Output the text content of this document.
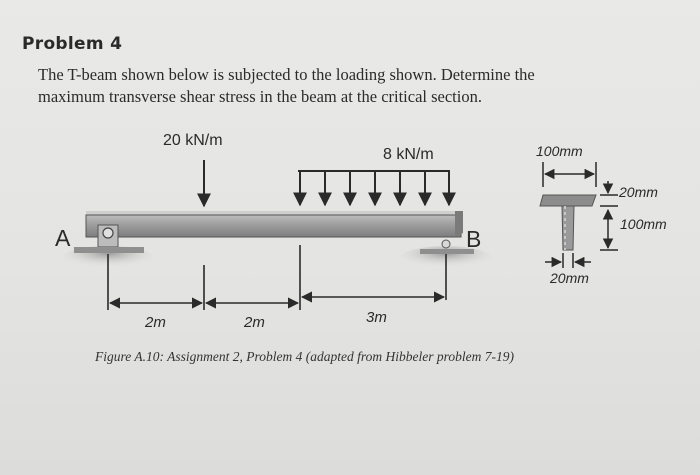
Problem 4
The T-beam shown below is subjected to the loading shown. Determine the
maximum transverse shear stress in the beam at the critical section.
A	B
20 kN/m
8 kN/m
2m	2m	3m
100mm
20mm
100mm
20mm
Figure A.10: Assignment 2, Problem 4 (adapted from Hibbeler problem 7-19)
